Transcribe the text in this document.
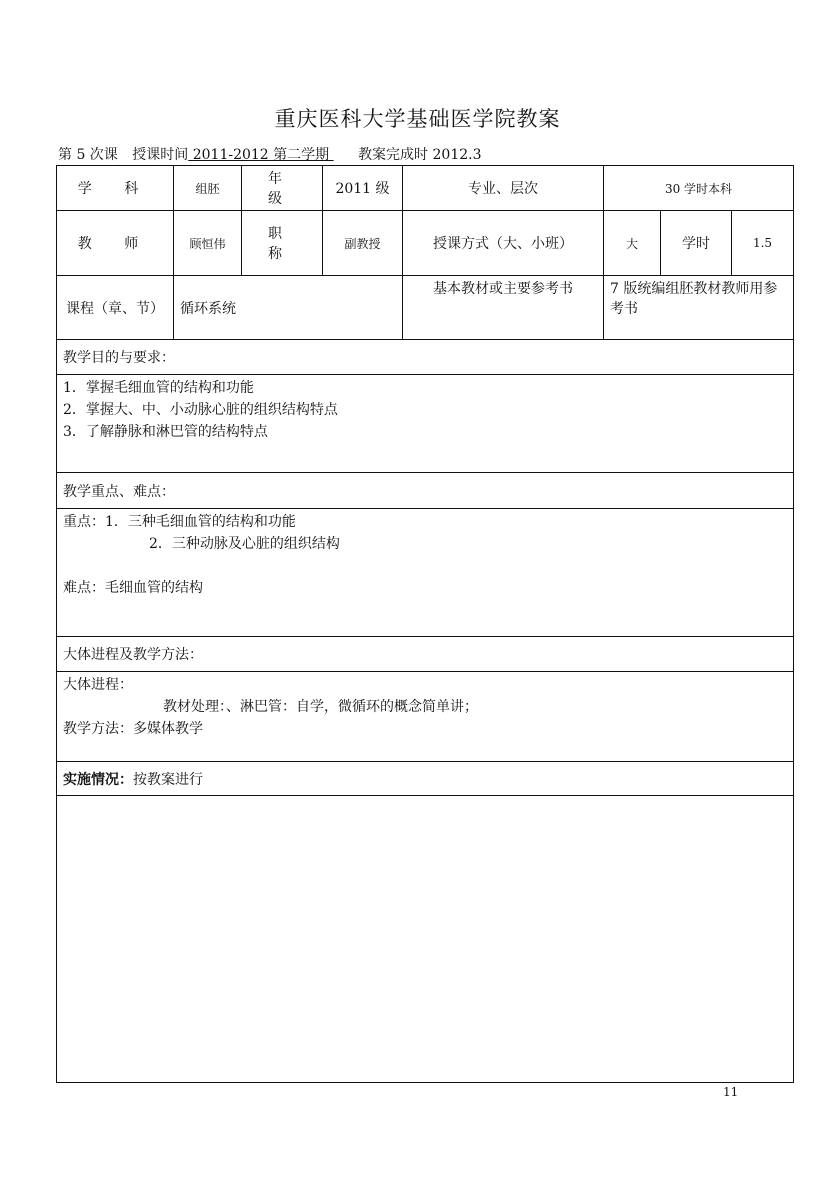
重庆医科大学基础医学院教案
第 5 次课 授课时间 2011-2012 第二学期  教案完成时 2012.3
学 科	组胚	年 级	2011 级	专业、层次	30 学时本科		
教 师	顾恒伟	职 称	副教授	授课方式（大、小班）	大	学时	1.5
课程（章、节）	循环系统			基本教材或主要参考书	7 版统编组胚教材教师用参考书		
教学目的与要求：							

1．掌握毛细血管的结构和功能
2．掌握大、中、小动脉心脏的组织结构特点
3．了解静脉和淋巴管的结构特点							

教学重点、难点：							

重点：1．三种毛细血管的结构和功能
2．三种动脉及心脏的组织结构
难点：毛细血管的结构							

大体进程及教学方法：							

大体进程：
教材处理：、淋巴管：自学，微循环的概念简单讲；
教学方法：多媒体教学							

实施情况：按教案进行							

11
